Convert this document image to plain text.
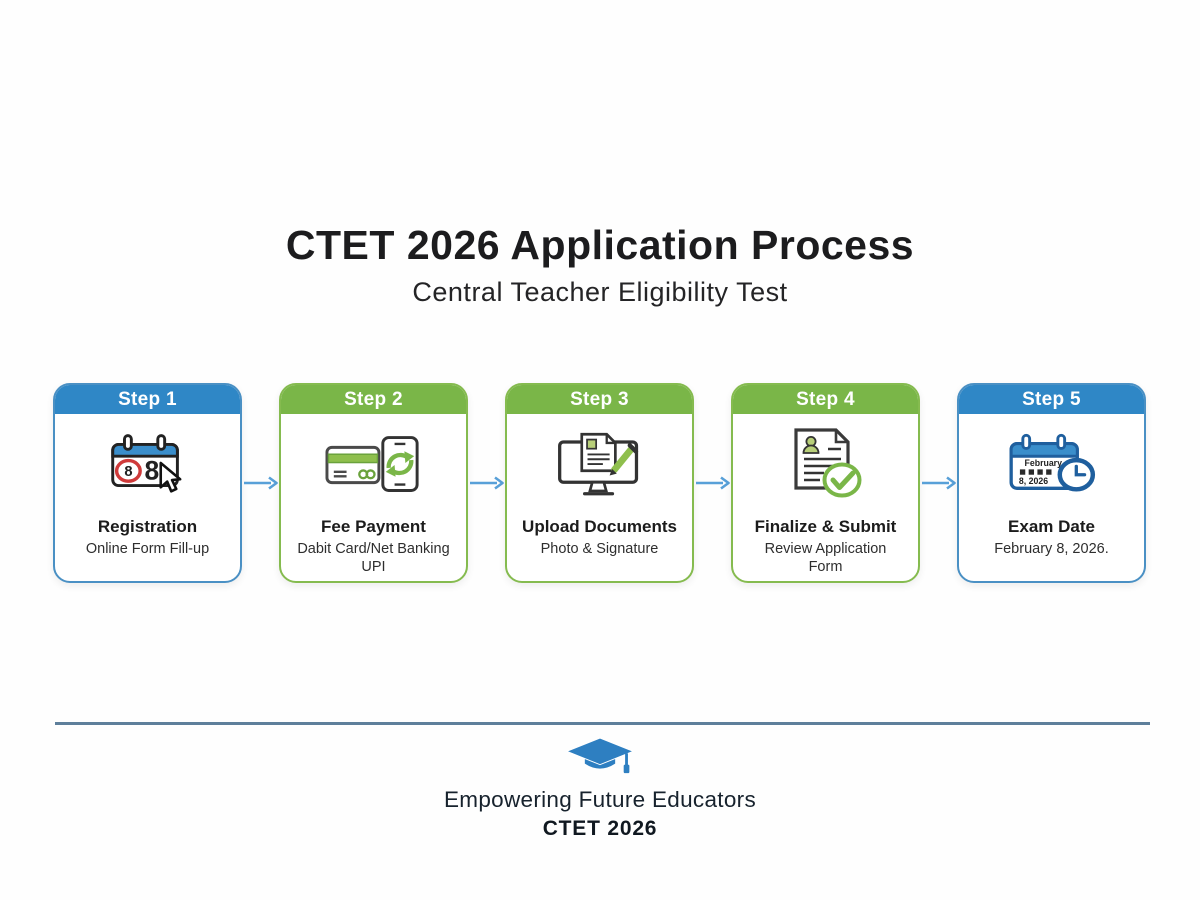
CTET 2026 Application Process
Central Teacher Eligibility Test
Step 1
8 8
Registration
Online Form Fill-up
Step 2
Fee Payment
Dabit Card/Net Banking
UPI
Step 3
Upload Documents
Photo & Signature
Step 4
Finalize & Submit
Review Application
Form
Step 5
February
8, 2026
Exam Date
February 8, 2026.
Empowering Future Educators
CTET 2026
